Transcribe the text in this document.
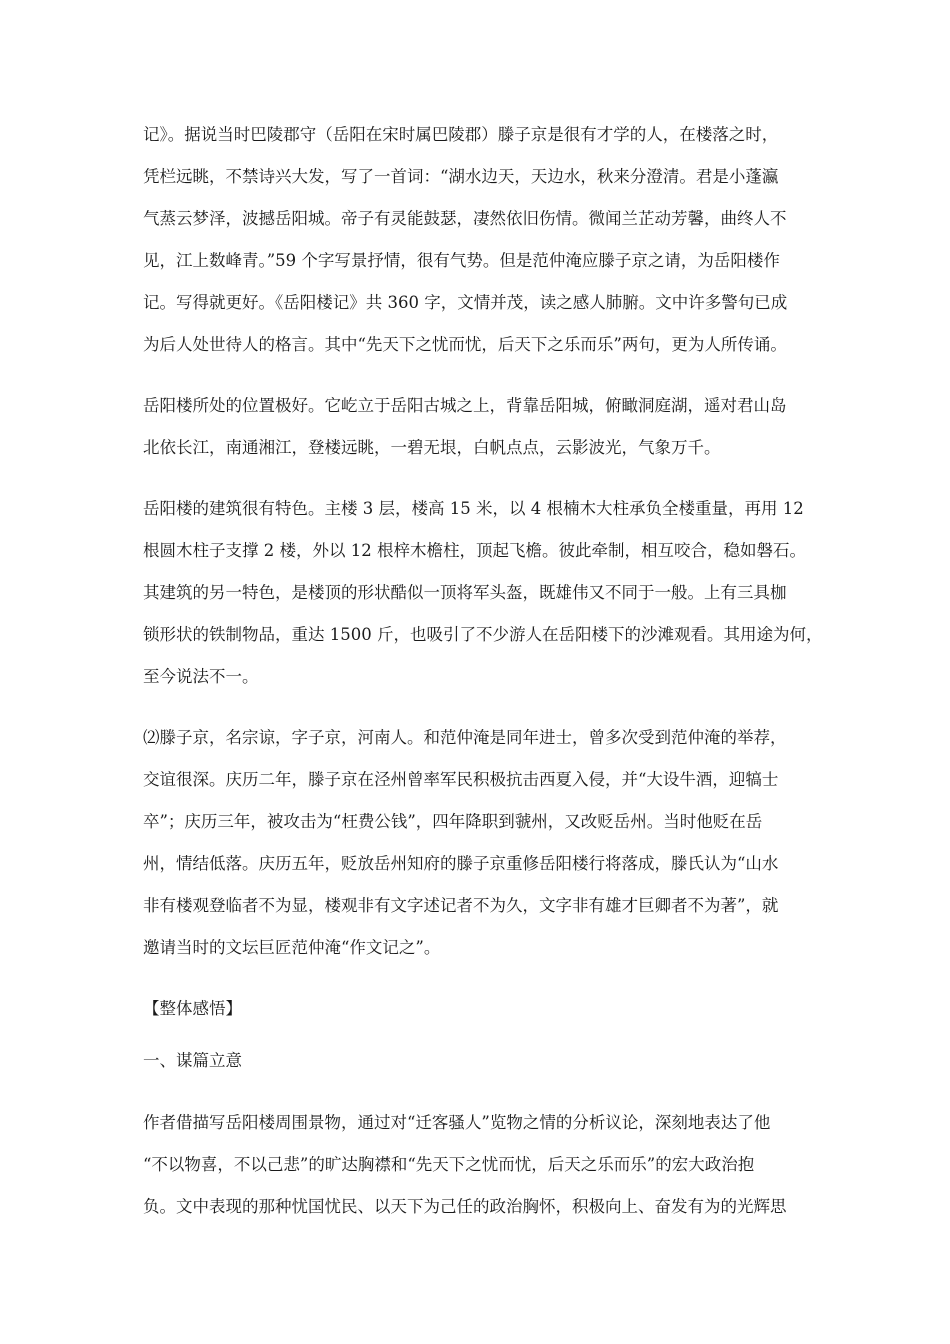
记》。据说当时巴陵郡守（岳阳在宋时属巴陵郡）滕子京是很有才学的人，在楼落之时，

凭栏远眺，不禁诗兴大发，写了一首词：“湖水边天，天边水，秋来分澄清。君是小蓬瀛

气蒸云梦泽，波撼岳阳城。帝子有灵能鼓瑟，凄然依旧伤情。微闻兰芷动芳馨，曲终人不

见，江上数峰青。”59 个字写景抒情，很有气势。但是范仲淹应滕子京之请，为岳阳楼作

记。写得就更好。《岳阳楼记》共 360 字，文情并茂，读之感人肺腑。文中许多警句已成

为后人处世待人的格言。其中“先天下之忧而忧，后天下之乐而乐”两句，更为人所传诵。

岳阳楼所处的位置极好。它屹立于岳阳古城之上，背靠岳阳城，俯瞰洞庭湖，遥对君山岛

北依长江，南通湘江，登楼远眺，一碧无垠，白帆点点，云影波光，气象万千。

岳阳楼的建筑很有特色。主楼 3 层，楼高 15 米，以 4 根楠木大柱承负全楼重量，再用 12

根圆木柱子支撑 2 楼，外以 12 根梓木檐柱，顶起飞檐。彼此牵制，相互咬合，稳如磐石。

其建筑的另一特色，是楼顶的形状酷似一顶将军头盔，既雄伟又不同于一般。上有三具枷

锁形状的铁制物品，重达 1500 斤，也吸引了不少游人在岳阳楼下的沙滩观看。其用途为何，

至今说法不一。

⑵滕子京，名宗谅，字子京，河南人。和范仲淹是同年进士，曾多次受到范仲淹的举荐，

交谊很深。庆历二年，滕子京在泾州曾率军民积极抗击西夏入侵，并“大设牛酒，迎犒士

卒”；庆历三年，被攻击为“枉费公钱”，四年降职到虢州，又改贬岳州。当时他贬在岳

州，情结低落。庆历五年，贬放岳州知府的滕子京重修岳阳楼行将落成，滕氏认为“山水

非有楼观登临者不为显，楼观非有文字述记者不为久，文字非有雄才巨卿者不为著”，就

邀请当时的文坛巨匠范仲淹“作文记之”。

【整体感悟】

一、谋篇立意

作者借描写岳阳楼周围景物，通过对“迁客骚人”览物之情的分析议论，深刻地表达了他

“不以物喜，不以己悲”的旷达胸襟和“先天下之忧而忧，后天之乐而乐”的宏大政治抱

负。文中表现的那种忧国忧民、以天下为己任的政治胸怀，积极向上、奋发有为的光辉思
